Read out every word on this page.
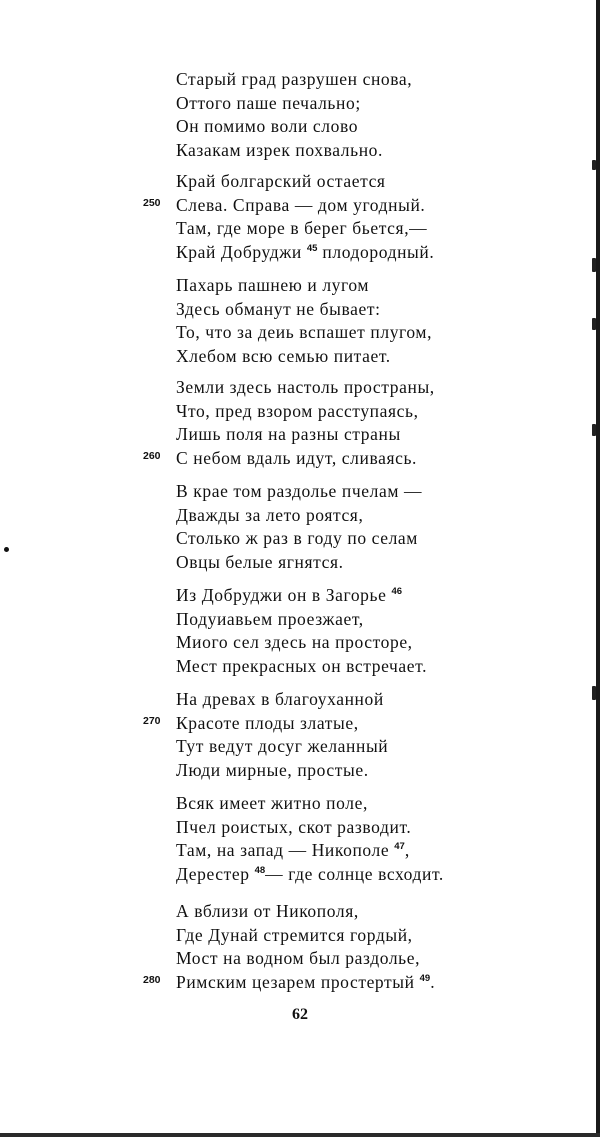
Старый град разрушен снова,
Оттого паше печально;
Он помимо воли слово
Казакам изрек похвально.
Край болгарский остается
250 Слева. Справа — дом угодный.
Там, где море в берег бьется,—
Край Добруджи $^{45}$ плодородный.
Пахарь пашнею и лугом
Здесь обманут не бывает:
То, что за деиь вспашет плугом,
Хлебом всю семью питает.
Земли здесь настоль пространы,
Что, пред взором расступаясь,
Лишь поля на разны страны
260 С небом вдаль идут, сливаясь.
В крае том раздолье пчелам —
Дважды за лето роятся,
Столько ж раз в году по селам
Овцы белые ягнятся.
Из Добруджи он в Загорье $^{46}$
Подуиавьем проезжает,
Миого сел здесь на просторе,
Мест прекрасных он встречает.
На древах в благоуханной
270 Красоте плоды златые,
Тут ведут досуг желанный
Люди мирные, простые.
Всяк имеет житно поле,
Пчел роистых, скот разводит.
Там, на запад — Никополе $^{47}$,
Дерестер $^{48}$— где солнце всходит.
А вблизи от Никополя,
Где Дунай стремится гордый,
Мост на водном был раздолье,
280 Римским цезарем простертый $^{49}$.
62
